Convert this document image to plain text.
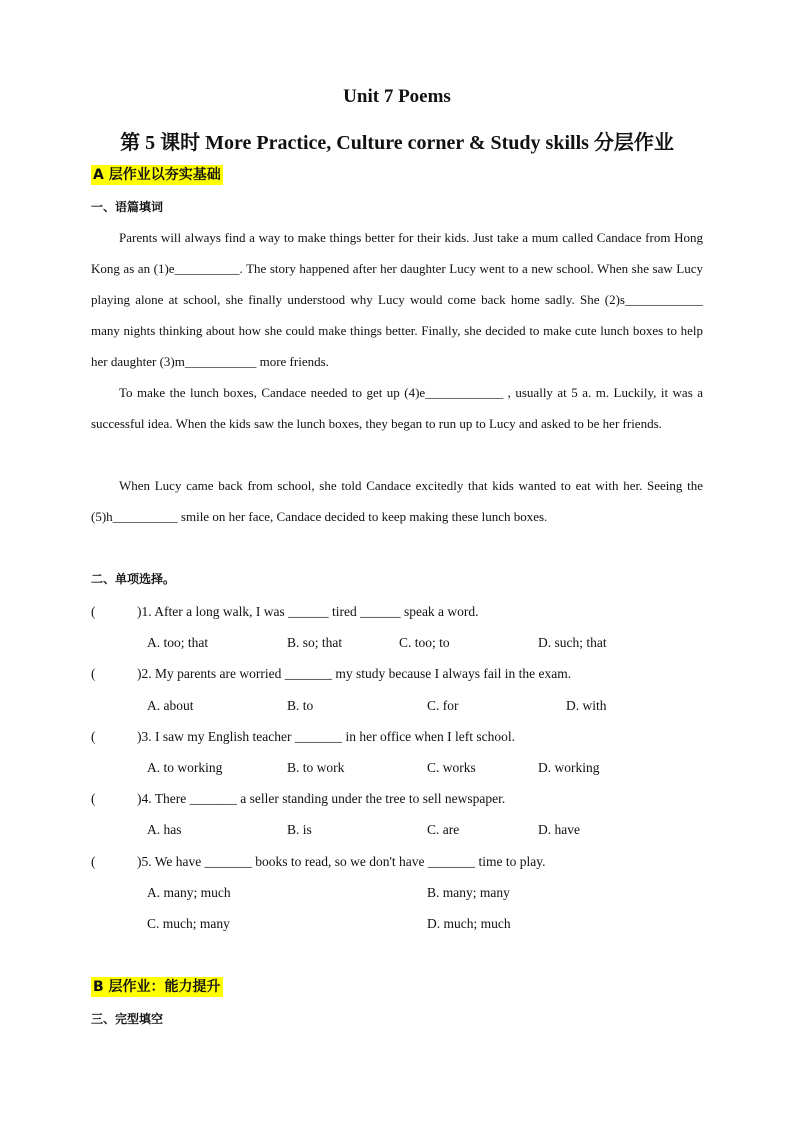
Unit 7 Poems
第 5 课时 More Practice, Culture corner & Study skills 分层作业
A 层作业以夯实基础
一、语篇填词

Parents will always find a way to make things better for their kids. Just take a mum called Candace from Hong Kong as an (1)e__________. The story happened after her daughter Lucy went to a new school. When she saw Lucy playing alone at school, she finally understood why Lucy would come back home sadly. She (2)s____________ many nights thinking about how she could make things better. Finally, she decided to make cute lunch boxes to help her daughter (3)m___________ more friends.

To make the lunch boxes, Candace needed to get up (4)e____________ , usually at 5 a. m. Luckily, it was a successful idea. When the kids saw the lunch boxes, they began to run up to Lucy and asked to be her friends.

When Lucy came back from school, she told Candace excitedly that kids wanted to eat with her. Seeing the (5)h__________ smile on her face, Candace decided to keep making these lunch boxes.

二、单项选择。
(	)1. After a long walk, I was ______ tired ______ speak a word.
A. too; that	B. so; that	C. too; to	D. such; that
(	)2. My parents are worried _______ my study because I always fail in the exam.
A. about	B. to	C. for	D. with
(	)3. I saw my English teacher _______ in her office when I left school.
A. to working	B. to work	C. works	D. working
(	)4. There _______ a seller standing under the tree to sell newspaper.
A. has	B. is	C. are	D. have
(	)5. We have _______ books to read, so we don't have _______ time to play.
A. many; much	B. many; many
C. much; many	D. much; much
B 层作业：能力提升
三、完型填空
